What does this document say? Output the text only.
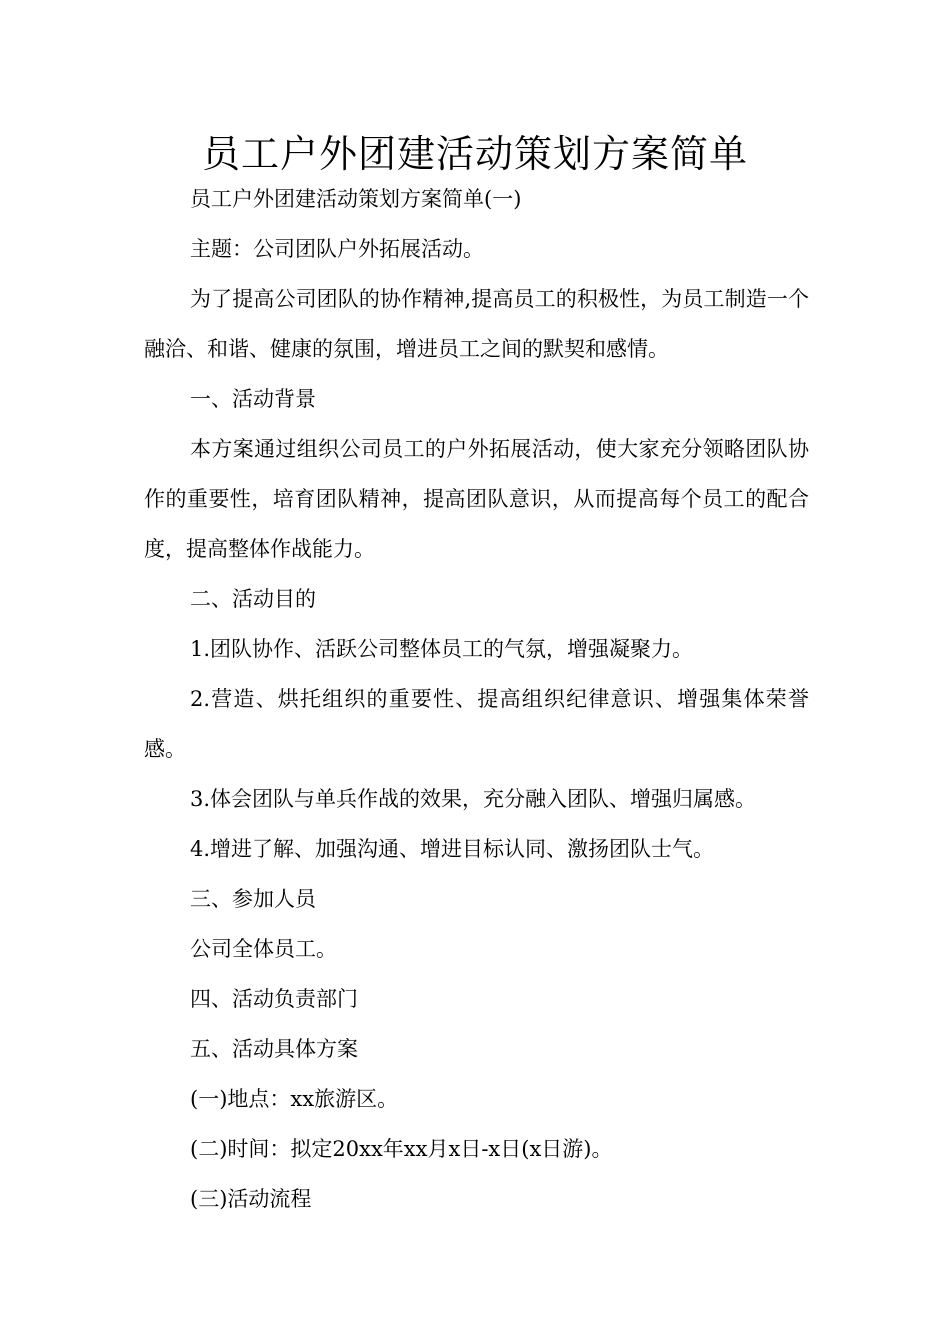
员工户外团建活动策划方案简单

员工户外团建活动策划方案简单(一)

主题：公司团队户外拓展活动。

为了提高公司团队的协作精神,提高员工的积极性，为员工制造一个融洽、和谐、健康的氛围，增进员工之间的默契和感情。

一、活动背景

本方案通过组织公司员工的户外拓展活动，使大家充分领略团队协作的重要性，培育团队精神，提高团队意识，从而提高每个员工的配合度，提高整体作战能力。

二、活动目的

1.团队协作、活跃公司整体员工的气氛，增强凝聚力。

2.营造、烘托组织的重要性、提高组织纪律意识、增强集体荣誉感。

3.体会团队与单兵作战的效果，充分融入团队、增强归属感。

4.增进了解、加强沟通、增进目标认同、激扬团队士气。

三、参加人员

公司全体员工。

四、活动负责部门

五、活动具体方案

(一)地点：xx旅游区。

(二)时间：拟定20xx年xx月x日-x日(x日游)。

(三)活动流程
